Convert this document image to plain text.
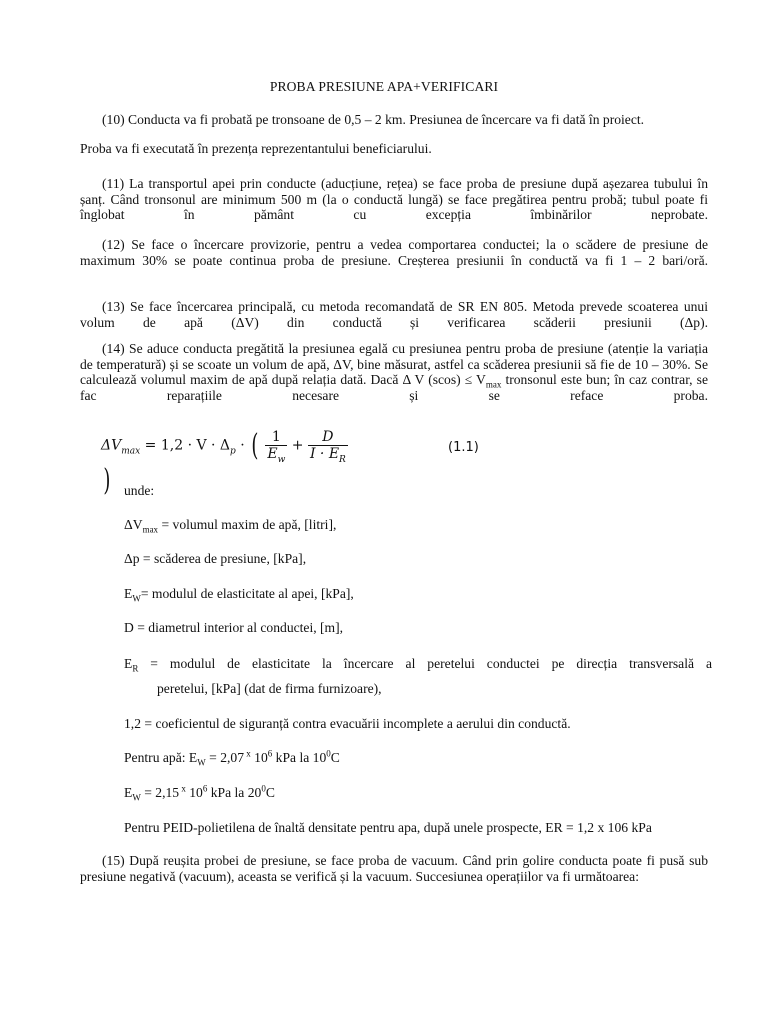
PROBA PRESIUNE APA+VERIFICARI
(10) Conducta va fi probată pe tronsoane de 0,5 – 2 km. Presiunea de încercare va fi dată în proiect.
Proba va fi executată în prezența reprezentantului beneficiarului.
(11) La transportul apei prin conducte (aducțiune, rețea) se face proba de presiune după așezarea tubului în șanț. Când tronsonul are minimum 500 m (la o conductă lungă) se face pregătirea pentru probă; tubul poate fi înglobat în pământ cu excepția îmbinărilor neprobate.
(12) Se face o încercare provizorie, pentru a vedea comportarea conductei; la o scădere de presiune de maximum 30% se poate continua proba de presiune. Creșterea presiunii în conductă va fi 1 – 2 bari/oră.
(13) Se face încercarea principală, cu metoda recomandată de SR EN 805. Metoda prevede scoaterea unui volum de apă (ΔV) din conductă și verificarea scăderii presiunii (Δp).
(14) Se aduce conducta pregătită la presiunea egală cu presiunea pentru proba de presiune (atenție la variația de temperatură) și se scoate un volum de apă, ΔV, bine măsurat, astfel ca scăderea presiunii să fie de 10 – 30%. Se calculează volumul maxim de apă după relația dată. Dacă Δ V $(scos) \le V_{max}$ tronsonul este bun; în caz contrar, se fac reparațiile necesare și se reface proba.
$\Delta V_{max} = 1,2 \cdot V \cdot \Delta_p$ · ( $\frac{1}{E_w} + \frac{D}{I \cdot E_R}$
)
(1.1)
unde:
$\Delta V_{max}$ = volumul maxim de apă, [litri],
Δp = scăderea de presiune, [kPa],
$E_W=$ modulul de elasticitate al apei, [kPa],
D = diametrul interior al conductei, [m],
$E_R$ = modulul de elasticitate la încercare al peretelui conductei pe direcția transversală a
peretelui, [kPa] (dat de firma furnizoare),
1,2 = coeficientul de siguranță contra evacuării incomplete a aerului din conductă.
Pentru apă: $E_W = 2,07$ $^x$ $10^6$ kPa la $10^0C$
$E_W = 2,15$ $^x$ $10^6$ kPa la $20^0C$
Pentru PEID-polietilena de înaltă densitate pentru apa, după unele prospecte, ER = 1,2 x 106 kPa
(15) După reușita probei de presiune, se face proba de vacuum. Când prin golire conducta poate fi pusă sub presiune negativă (vacuum), aceasta se verifică și la vacuum. Succesiunea operațiilor va fi următoarea:
